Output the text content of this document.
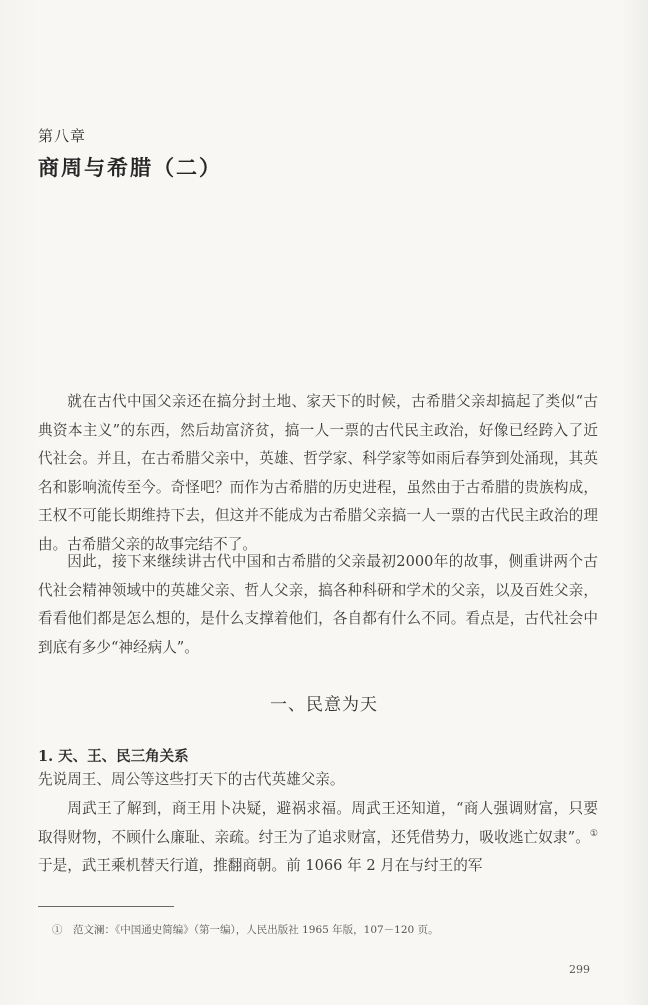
第八章
商周与希腊（二）

就在古代中国父亲还在搞分封土地、家天下的时候，古希腊父亲却搞起了类似“古典资本主义”的东西，然后劫富济贫，搞一人一票的古代民主政治，好像已经跨入了近代社会。并且，在古希腊父亲中，英雄、哲学家、科学家等如雨后春笋到处涌现，其英名和影响流传至今。奇怪吧？而作为古希腊的历史进程，虽然由于古希腊的贵族构成，王权不可能长期维持下去，但这并不能成为古希腊父亲搞一人一票的古代民主政治的理由。古希腊父亲的故事完结不了。

因此，接下来继续讲古代中国和古希腊的父亲最初2000年的故事，侧重讲两个古代社会精神领域中的英雄父亲、哲人父亲，搞各种科研和学术的父亲，以及百姓父亲，看看他们都是怎么想的，是什么支撑着他们，各自都有什么不同。看点是，古代社会中到底有多少“神经病人”。

一、民意为天
1. 天、王、民三角关系

先说周王、周公等这些打天下的古代英雄父亲。

周武王了解到，商王用卜决疑，避祸求福。周武王还知道，“商人强调财富，只要取得财物，不顾什么廉耻、亲疏。纣王为了追求财富，还凭借势力，吸收逃亡奴隶”。① 于是，武王乘机替天行道，推翻商朝。前 1066 年 2 月在与纣王的军

①　范文澜：《中国通史简编》（第一编），人民出版社 1965 年版，107－120 页。
299
